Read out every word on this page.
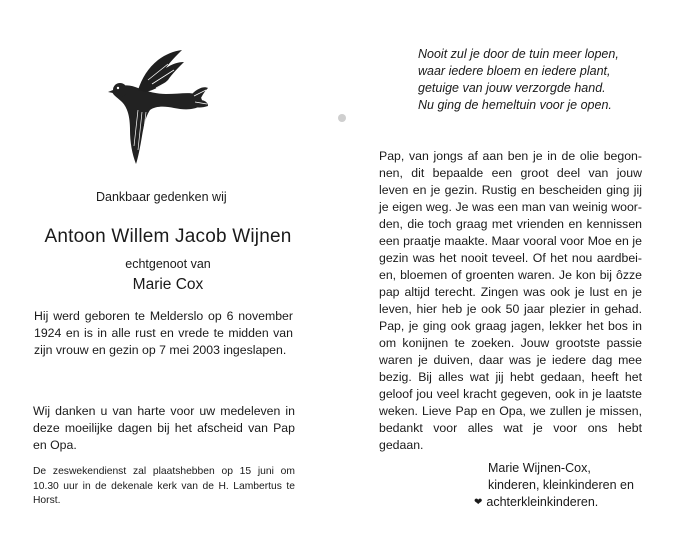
Dankbaar gedenken wij
Antoon Willem Jacob Wijnen
echtgenoot van
Marie Cox
Hij werd geboren te Melderslo op 6 november 1924 en is in alle rust en vrede te midden van zijn vrouw en gezin op 7 mei 2003 ingeslapen.
Wij danken u van harte voor uw medeleven in deze moeilijke dagen bij het afscheid van Pap en Opa.
De zeswekendienst zal plaatshebben op 15 juni om 10.30 uur in de dekenale kerk van de H. Lambertus te Horst.
Nooit zul je door de tuin meer lopen,
waar iedere bloem en iedere plant,
getuige van jouw verzorgde hand.
Nu ging de hemeltuin voor je open.
Pap, van jongs af aan ben je in de olie begon-
nen, dit bepaalde een groot deel van jouw
leven en je gezin. Rustig en bescheiden ging jij
je eigen weg. Je was een man van weinig woor-
den, die toch graag met vrienden en kennissen
een praatje maakte. Maar vooral voor Moe en je
gezin was het nooit teveel. Of het nou aardbei-
en, bloemen of groenten waren. Je kon bij ôzze
pap altijd terecht. Zingen was ook je lust en je
leven, hier heb je ook 50 jaar plezier in gehad.
Pap, je ging ook graag jagen, lekker het bos in
om konijnen te zoeken. Jouw grootste passie
waren je duiven, daar was je iedere dag mee
bezig. Bij alles wat jij hebt gedaan, heeft het
geloof jou veel kracht gegeven, ook in je laatste
weken. Lieve Pap en Opa, we zullen je missen,
bedankt voor alles wat je voor ons hebt
gedaan.
Marie Wijnen-Cox,
kinderen, kleinkinderen en
❤ achterkleinkinderen.
